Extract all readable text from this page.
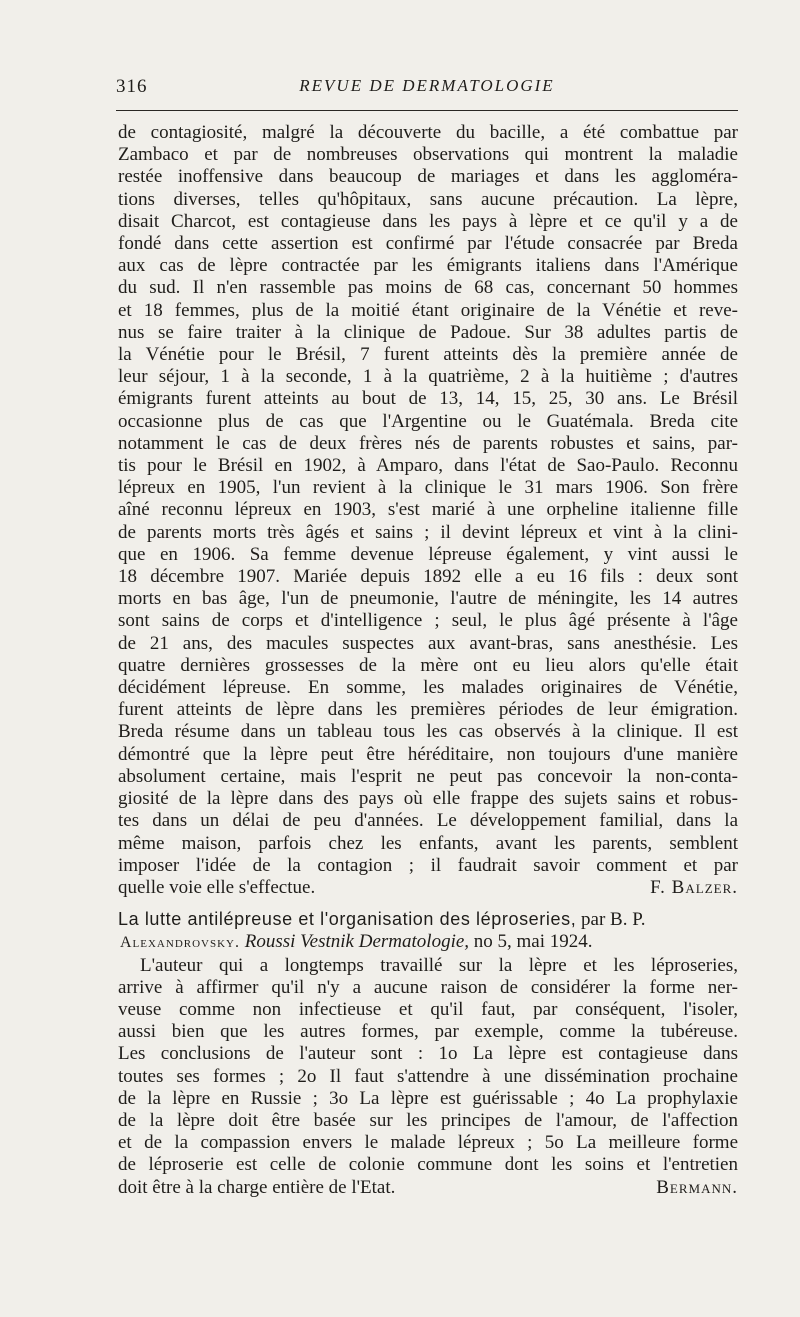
316	REVUE DE DERMATOLOGIE

de contagiosité, malgré la découverte du bacille, a été combattue par
Zambaco et par de nombreuses observations qui montrent la maladie
restée inoffensive dans beaucoup de mariages et dans les aggloméra-
tions diverses, telles qu'hôpitaux, sans aucune précaution. La lèpre,
disait Charcot, est contagieuse dans les pays à lèpre et ce qu'il y a de
fondé dans cette assertion est confirmé par l'étude consacrée par Breda
aux cas de lèpre contractée par les émigrants italiens dans l'Amérique
du sud. Il n'en rassemble pas moins de 68 cas, concernant 50 hommes
et 18 femmes, plus de la moitié étant originaire de la Vénétie et reve-
nus se faire traiter à la clinique de Padoue. Sur 38 adultes partis de
la Vénétie pour le Brésil, 7 furent atteints dès la première année de
leur séjour, 1 à la seconde, 1 à la quatrième, 2 à la huitième ; d'autres
émigrants furent atteints au bout de 13, 14, 15, 25, 30 ans. Le Brésil
occasionne plus de cas que l'Argentine ou le Guatémala. Breda cite
notamment le cas de deux frères nés de parents robustes et sains, par-
tis pour le Brésil en 1902, à Amparo, dans l'état de Sao-Paulo. Reconnu
lépreux en 1905, l'un revient à la clinique le 31 mars 1906. Son frère
aîné reconnu lépreux en 1903, s'est marié à une orpheline italienne fille
de parents morts très âgés et sains ; il devint lépreux et vint à la clini-
que en 1906. Sa femme devenue lépreuse également, y vint aussi le
18 décembre 1907. Mariée depuis 1892 elle a eu 16 fils : deux sont
morts en bas âge, l'un de pneumonie, l'autre de méningite, les 14 autres
sont sains de corps et d'intelligence ; seul, le plus âgé présente à l'âge
de 21 ans, des macules suspectes aux avant-bras, sans anesthésie. Les
quatre dernières grossesses de la mère ont eu lieu alors qu'elle était
décidément lépreuse. En somme, les malades originaires de Vénétie,
furent atteints de lèpre dans les premières périodes de leur émigration.
Breda résume dans un tableau tous les cas observés à la clinique. Il est
démontré que la lèpre peut être héréditaire, non toujours d'une manière
absolument certaine, mais l'esprit ne peut pas concevoir la non-conta-
giosité de la lèpre dans des pays où elle frappe des sujets sains et robus-
tes dans un délai de peu d'années. Le développement familial, dans la
même maison, parfois chez les enfants, avant les parents, semblent
imposer l'idée de la contagion ; il faudrait savoir comment et par

quelle voie elle s'effectue.	F. Balzer.

La lutte antilépreuse et l'organisation des léproseries, par B. P.
Alexandrovsky. Roussi Vestnik Dermatologie, no 5, mai 1924.

L'auteur qui a longtemps travaillé sur la lèpre et les léproseries,
arrive à affirmer qu'il n'y a aucune raison de considérer la forme ner-
veuse comme non infectieuse et qu'il faut, par conséquent, l'isoler,
aussi bien que les autres formes, par exemple, comme la tubéreuse.
Les conclusions de l'auteur sont : 1o La lèpre est contagieuse dans
toutes ses formes ; 2o Il faut s'attendre à une dissémination prochaine
de la lèpre en Russie ; 3o La lèpre est guérissable ; 4o La prophylaxie
de la lèpre doit être basée sur les principes de l'amour, de l'affection
et de la compassion envers le malade lépreux ; 5o La meilleure forme
de léproserie est celle de colonie commune dont les soins et l'entretien

doit être à la charge entière de l'Etat.	Bermann.
